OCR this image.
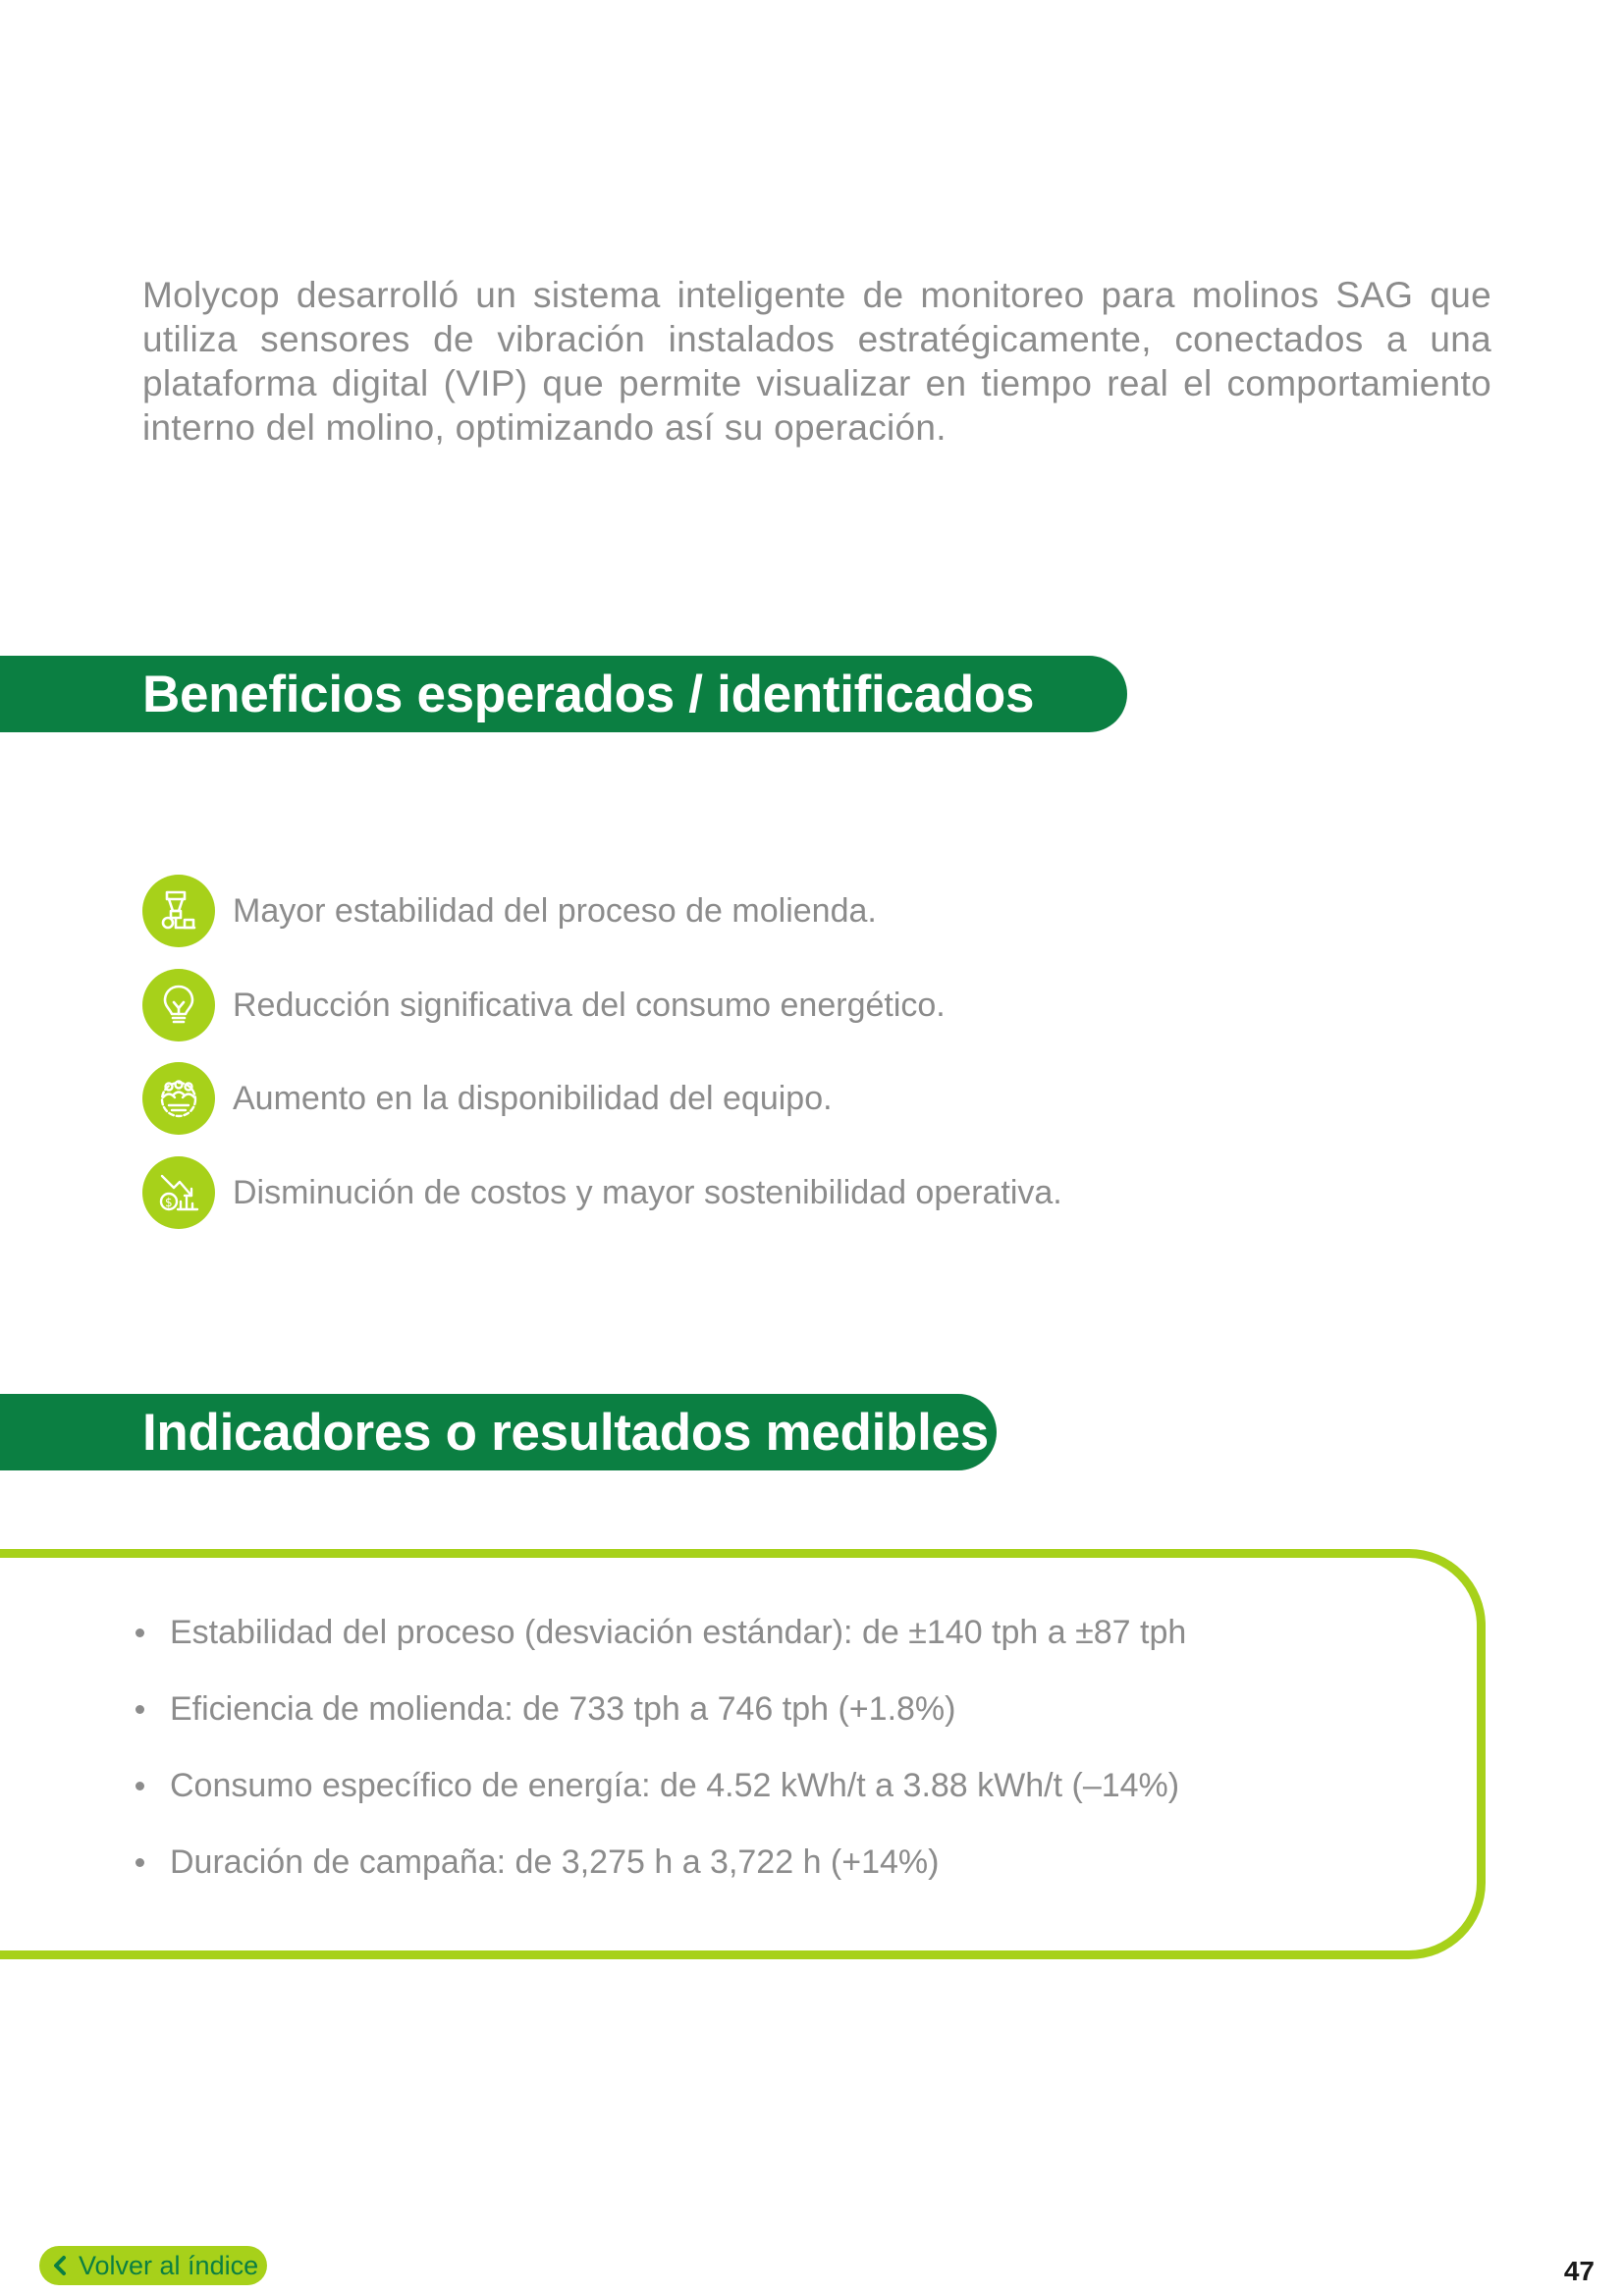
Molycop desarrolló un sistema inteligente de monitoreo para molinos SAG que utiliza sensores de vibración instalados estratégicamente, conectados a una plataforma digital (VIP) que permite visualizar en tiempo real el comportamiento interno del molino, optimizando así su operación.

Beneficios esperados / identificados
Mayor estabilidad del proceso de molienda.
Reducción significativa del consumo energético.
Aumento en la disponibilidad del equipo.
$ Disminución de costos y mayor sostenibilidad operativa.
Indicadores o resultados medibles
Estabilidad del proceso (desviación estándar): de ±140 tph a ±87 tph
Eficiencia de molienda: de 733 tph a 746 tph (+1.8%)
Consumo específico de energía: de 4.52 kWh/t a 3.88 kWh/t (–14%)
Duración de campaña: de 3,275 h a 3,722 h (+14%)
Volver al índice	47
